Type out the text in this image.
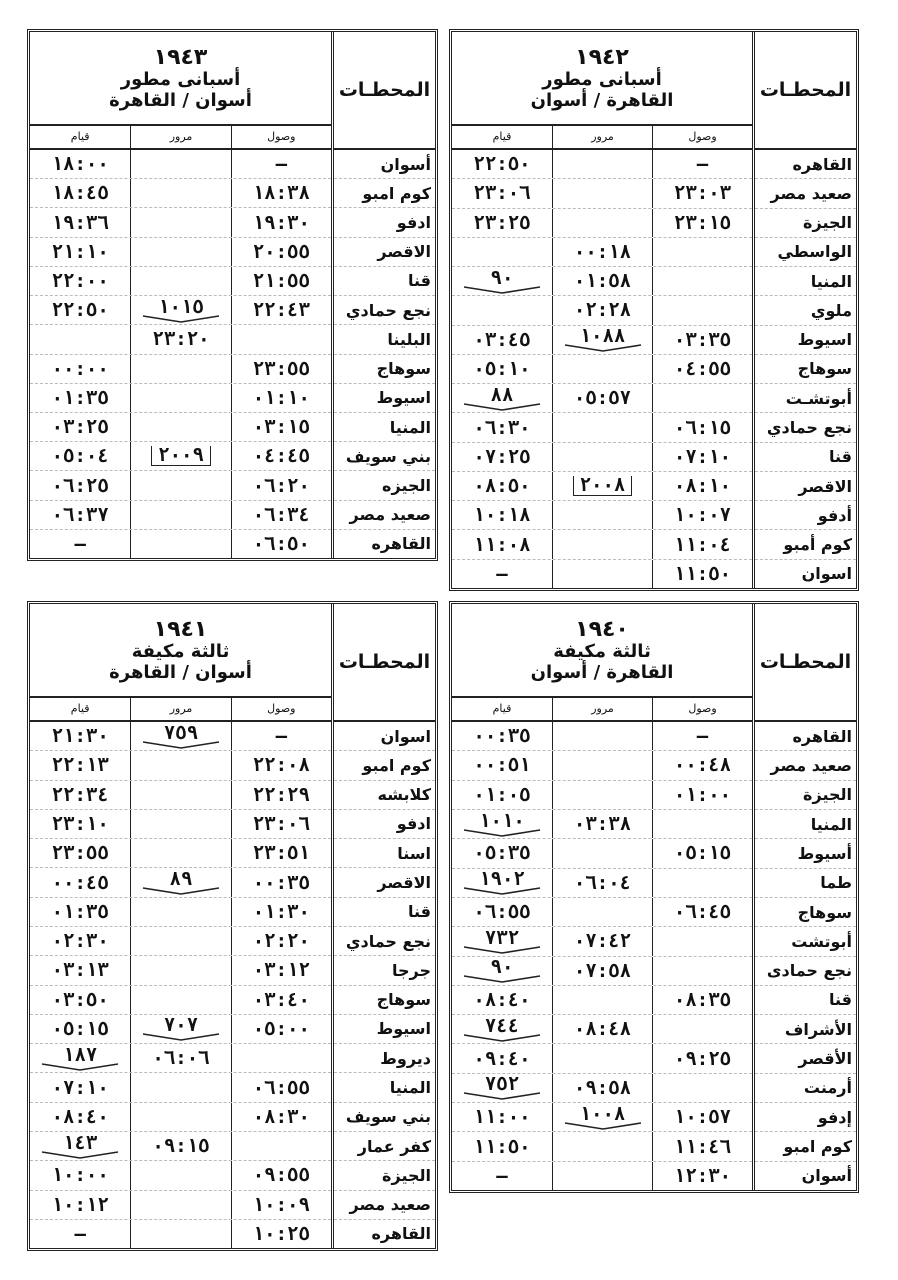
المحطـات
القاهره
صعيد مصر
الجيزة
الواسطي
المنيا
ملوي
اسيوط
سوهاج
أبوتشـت
نجع حمادي
قنا
الاقصر
أدفو
كوم أمبو
اسوان
١٩٤٢
أسبانى مطور
القاهرة / أسوان
وصول
مرور
قيام
–
٢٢:٥٠
٢٣:٠٣
٢٣:٠٦
٢٣:١٥
٢٣:٢٥
٠٠:١٨
٠١:٥٨
٩٠
٠٢:٢٨
٠٣:٣٥
١٠٨٨
٠٣:٤٥
٠٤:٥٥
٠٥:١٠
٠٥:٥٧
٨٨
٠٦:١٥
٠٦:٣٠
٠٧:١٠
٠٧:٢٥
٠٨:١٠
٢٠٠٨
٠٨:٥٠
١٠:٠٧
١٠:١٨
١١:٠٤
١١:٠٨
١١:٥٠
–
المحطـات
أسوان
كوم امبو
ادفو
الاقصر
قنا
نجع حمادي
البلينا
سوهاج
اسيوط
المنيا
بني سويف
الجيزه
صعيد مصر
القاهره
١٩٤٣
أسبانى مطور
أسوان / القاهرة
وصول
مرور
قيام
–
١٨:٠٠
١٨:٣٨
١٨:٤٥
١٩:٣٠
١٩:٣٦
٢٠:٥٥
٢١:١٠
٢١:٥٥
٢٢:٠٠
٢٢:٤٣
١٠١٥
٢٢:٥٠
٢٣:٢٠
٢٣:٥٥
٠٠:٠٠
٠١:١٠
٠١:٣٥
٠٣:١٥
٠٣:٢٥
٠٤:٤٥
٢٠٠٩
٠٥:٠٤
٠٦:٢٠
٠٦:٢٥
٠٦:٣٤
٠٦:٣٧
٠٦:٥٠
–
المحطـات
القاهره
صعيد مصر
الجيزة
المنيا
أسيوط
طما
سوهاج
أبوتشت
نجع حمادى
قنا
الأشراف
الأقصر
أرمنت
إدفو
كوم امبو
أسوان
١٩٤٠
ثالثة مكيفة
القاهرة / أسوان
وصول
مرور
قيام
–
٠٠:٣٥
٠٠:٤٨
٠٠:٥١
٠١:٠٠
٠١:٠٥
٠٣:٣٨
١٠١٠
٠٥:١٥
٠٥:٣٥
٠٦:٠٤
١٩٠٢
٠٦:٤٥
٠٦:٥٥
٠٧:٤٢
٧٣٢
٠٧:٥٨
٩٠
٠٨:٣٥
٠٨:٤٠
٠٨:٤٨
٧٤٤
٠٩:٢٥
٠٩:٤٠
٠٩:٥٨
٧٥٢
١٠:٥٧
١٠٠٨
١١:٠٠
١١:٤٦
١١:٥٠
١٢:٣٠
–
المحطـات
اسوان
كوم امبو
كلابشه
ادفو
اسنا
الاقصر
قنا
نجع حمادي
جرجا
سوهاج
اسيوط
ديروط
المنيا
بني سويف
كفر عمار
الجيزة
صعيد مصر
القاهره
١٩٤١
ثالثة مكيفة
أسوان / القاهرة
وصول
مرور
قيام
–
٧٥٩
٢١:٣٠
٢٢:٠٨
٢٢:١٣
٢٢:٢٩
٢٢:٣٤
٢٣:٠٦
٢٣:١٠
٢٣:٥١
٢٣:٥٥
٠٠:٣٥
٨٩
٠٠:٤٥
٠١:٣٠
٠١:٣٥
٠٢:٢٠
٠٢:٣٠
٠٣:١٢
٠٣:١٣
٠٣:٤٠
٠٣:٥٠
٠٥:٠٠
٧٠٧
٠٥:١٥
٠٦:٠٦
١٨٧
٠٦:٥٥
٠٧:١٠
٠٨:٣٠
٠٨:٤٠
٠٩:١٥
١٤٣
٠٩:٥٥
١٠:٠٠
١٠:٠٩
١٠:١٢
١٠:٢٥
–
